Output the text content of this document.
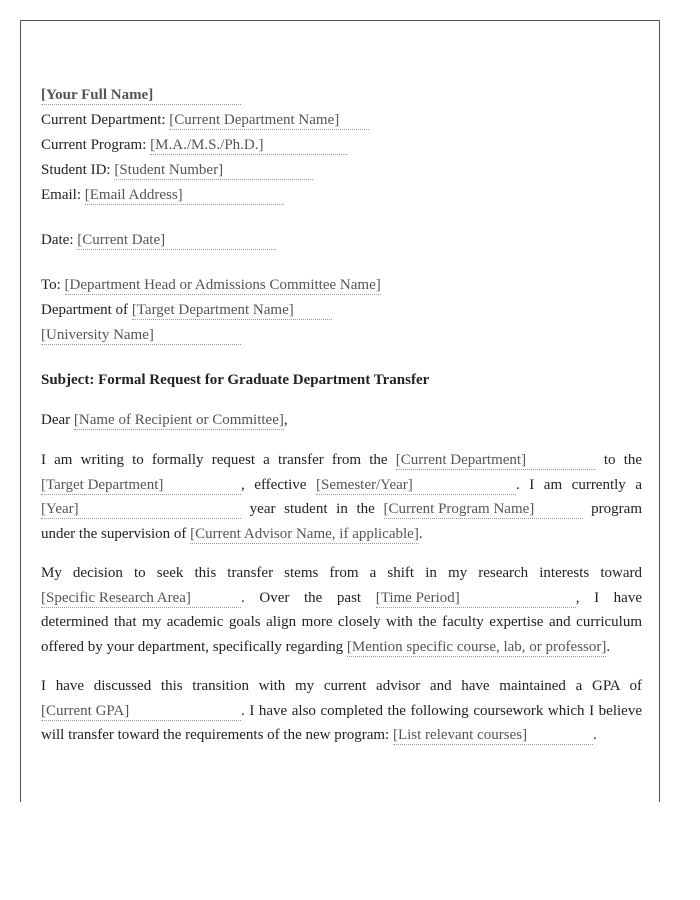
[Your Full Name]
Current Department: [Current Department Name]
Current Program: [M.A./M.S./Ph.D.]
Student ID: [Student Number]
Email: [Email Address]
Date: [Current Date]
To: [Department Head or Admissions Committee Name]
Department of [Target Department Name]
[University Name]
Subject: Formal Request for Graduate Department Transfer
Dear [Name of Recipient or Committee],

I am writing to formally request a transfer from the [Current Department]	to the [Target Department]	, effective [Semester/Year]	. I am currently a [Year]	year student in the [Current Program Name]	program under the supervision of [Current Advisor Name, if applicable].

My decision to seek this transfer stems from a shift in my research interests toward [Specific Research Area]	. Over the past [Time Period]	, I have determined that my academic goals align more closely with the faculty expertise and curriculum offered by your department, specifically regarding [Mention specific course, lab, or professor].

I have discussed this transition with my current advisor and have maintained a GPA of [Current GPA]	. I have also completed the following coursework which I believe will transfer toward the requirements of the new program: [List relevant courses]	.
